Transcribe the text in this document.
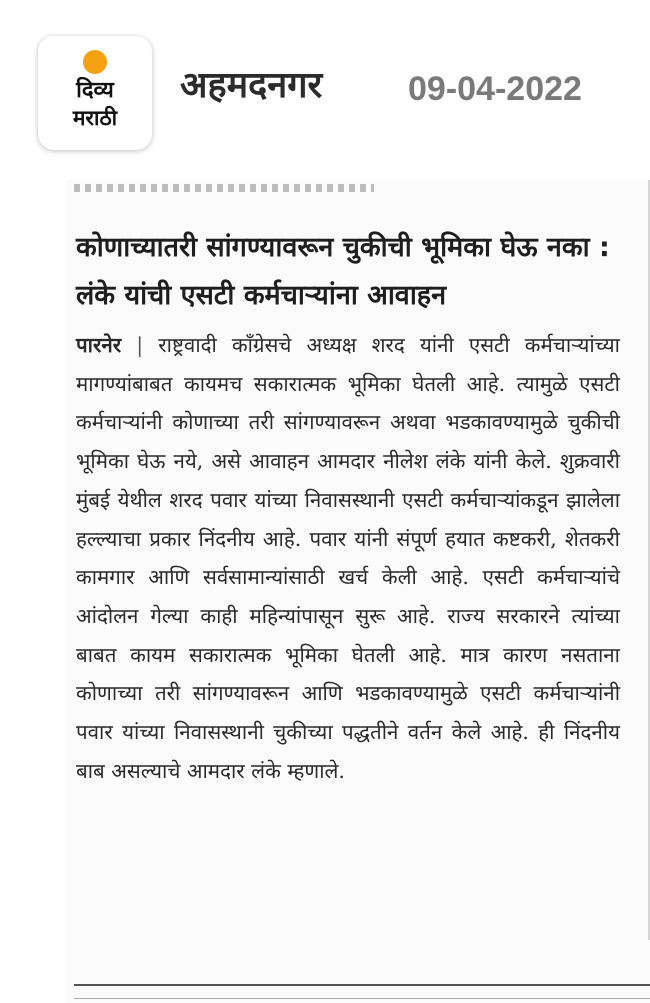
दिव्य
मराठी
अहमदनगर	09-04-2022
कोणाच्यातरी सांगण्यावरून चुकीची भूमिका घेऊ नका : लंके यांची एसटी कर्मचाऱ्यांना आवाहन
पारनेर | राष्ट्रवादी काँग्रेसचे अध्यक्ष शरद यांनी एसटी कर्मचाऱ्यांच्या मागण्यांबाबत कायमच सकारात्मक भूमिका घेतली आहे. त्यामुळे एसटी कर्मचाऱ्यांनी कोणाच्या तरी सांगण्यावरून अथवा भडकावण्यामुळे चुकीची भूमिका घेऊ नये, असे आवाहन आमदार नीलेश लंके यांनी केले. शुक्रवारी मुंबई येथील शरद पवार यांच्या निवासस्थानी एसटी कर्मचाऱ्यांकडून झालेला हल्ल्याचा प्रकार निंदनीय आहे. पवार यांनी संपूर्ण हयात कष्टकरी, शेतकरी कामगार आणि सर्वसामान्यांसाठी खर्च केली आहे. एसटी कर्मचाऱ्यांचे आंदोलन गेल्या काही महिन्यांपासून सुरू आहे. राज्य सरकारने त्यांच्या बाबत कायम सकारात्मक भूमिका घेतली आहे. मात्र कारण नसताना कोणाच्या तरी सांगण्यावरून आणि भडकावण्यामुळे एसटी कर्मचाऱ्यांनी पवार यांच्या निवासस्थानी चुकीच्या पद्धतीने वर्तन केले आहे. ही निंदनीय बाब असल्याचे आमदार लंके म्हणाले.
